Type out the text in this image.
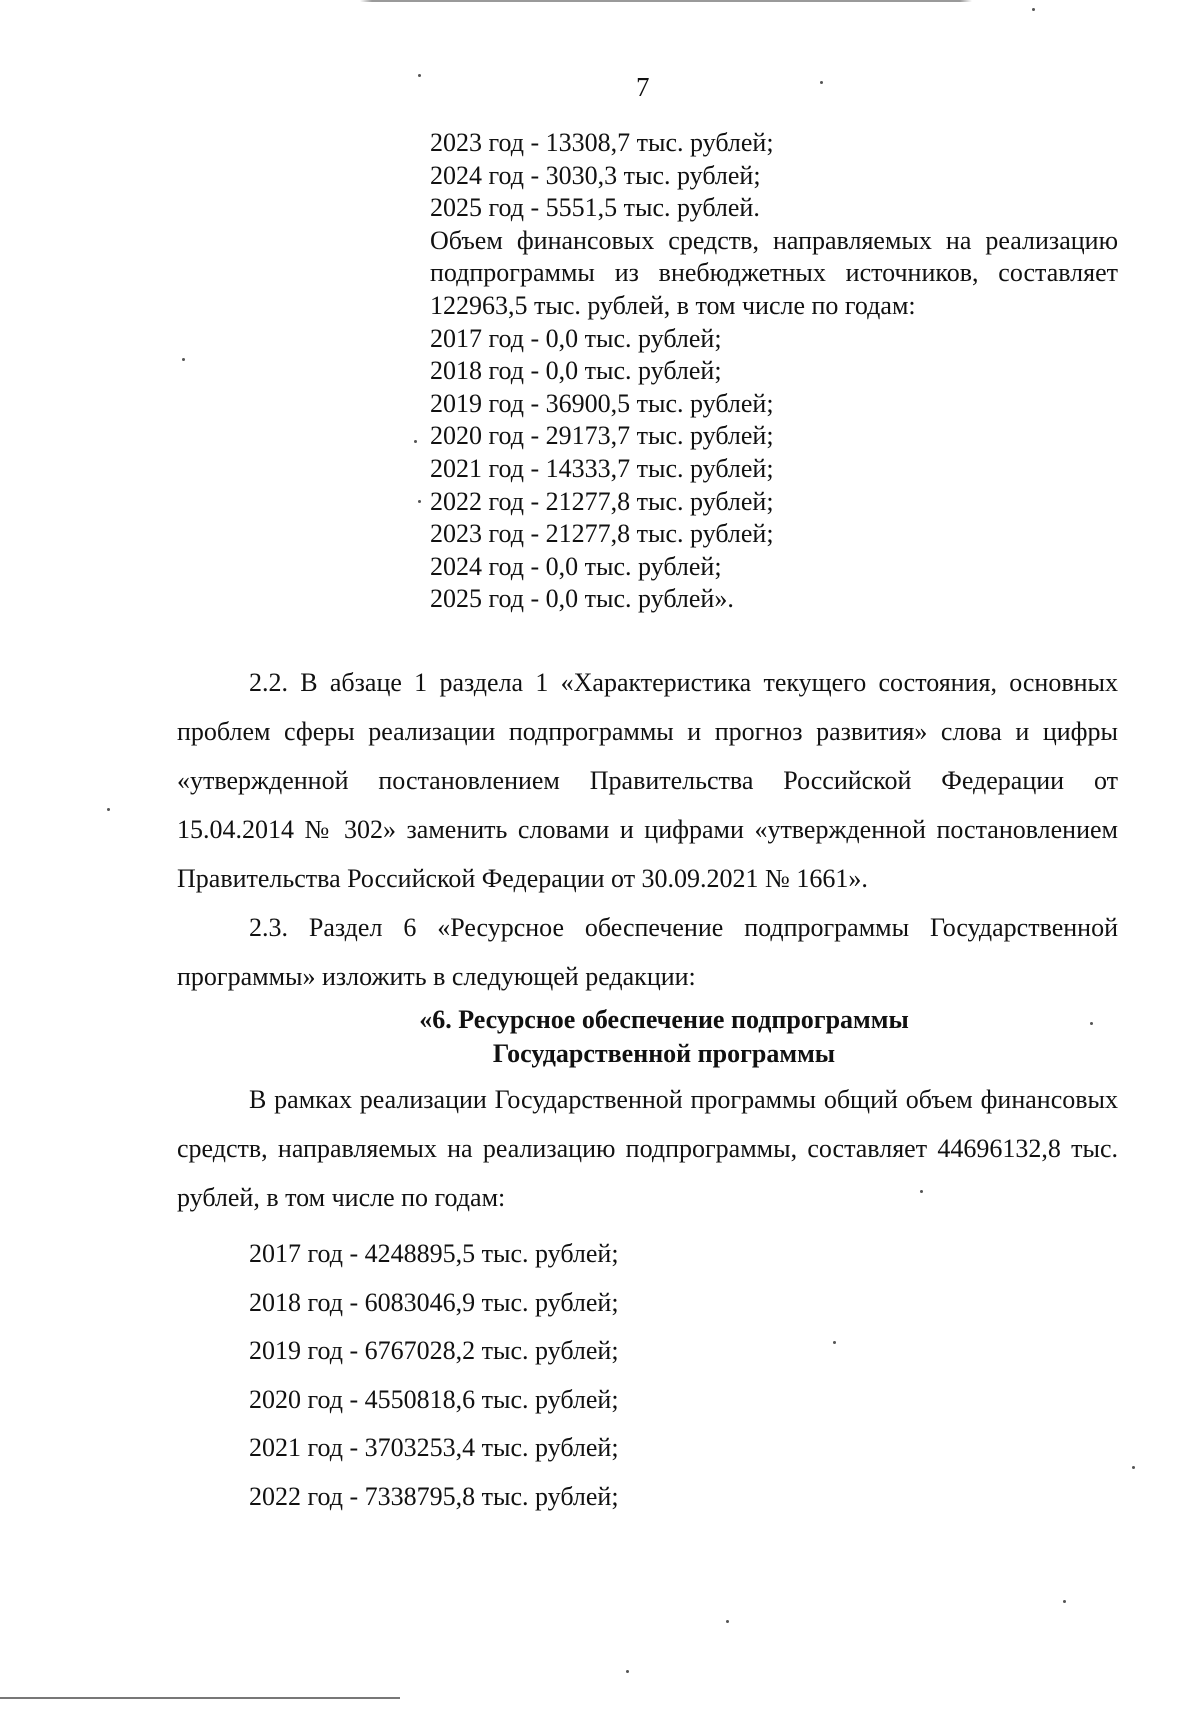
7
2023 год - 13308,7 тыс. рублей;
2024 год - 3030,3 тыс. рублей;
2025 год - 5551,5 тыс. рублей.
Объем финансовых средств, направляемых на реализацию подпрограммы из внебюджетных источников, составляет 122963,5 тыс. рублей, в том числе по годам:
2017 год - 0,0 тыс. рублей;
2018 год - 0,0 тыс. рублей;
2019 год - 36900,5 тыс. рублей;
2020 год - 29173,7 тыс. рублей;
2021 год - 14333,7 тыс. рублей;
2022 год - 21277,8 тыс. рублей;
2023 год - 21277,8 тыс. рублей;
2024 год - 0,0 тыс. рублей;
2025 год - 0,0 тыс. рублей».

2.2. В абзаце 1 раздела 1 «Характеристика текущего состояния, основных проблем сферы реализации подпрограммы и прогноз развития» слова и цифры «утвержденной постановлением Правительства Российской Федерации от 15.04.2014 № 302» заменить словами и цифрами «утвержденной постановлением Правительства Российской Федерации от 30.09.2021 № 1661».

2.3. Раздел 6 «Ресурсное обеспечение подпрограммы Государственной программы» изложить в следующей редакции:

«6. Ресурсное обеспечение подпрограммы

Государственной программы

В рамках реализации Государственной программы общий объем финансовых средств, направляемых на реализацию подпрограммы, составляет 44696132,8 тыс. рублей, в том числе по годам:

2017 год - 4248895,5 тыс. рублей;
2018 год - 6083046,9 тыс. рублей;
2019 год - 6767028,2 тыс. рублей;
2020 год - 4550818,6 тыс. рублей;
2021 год - 3703253,4 тыс. рублей;
2022 год - 7338795,8 тыс. рублей;
